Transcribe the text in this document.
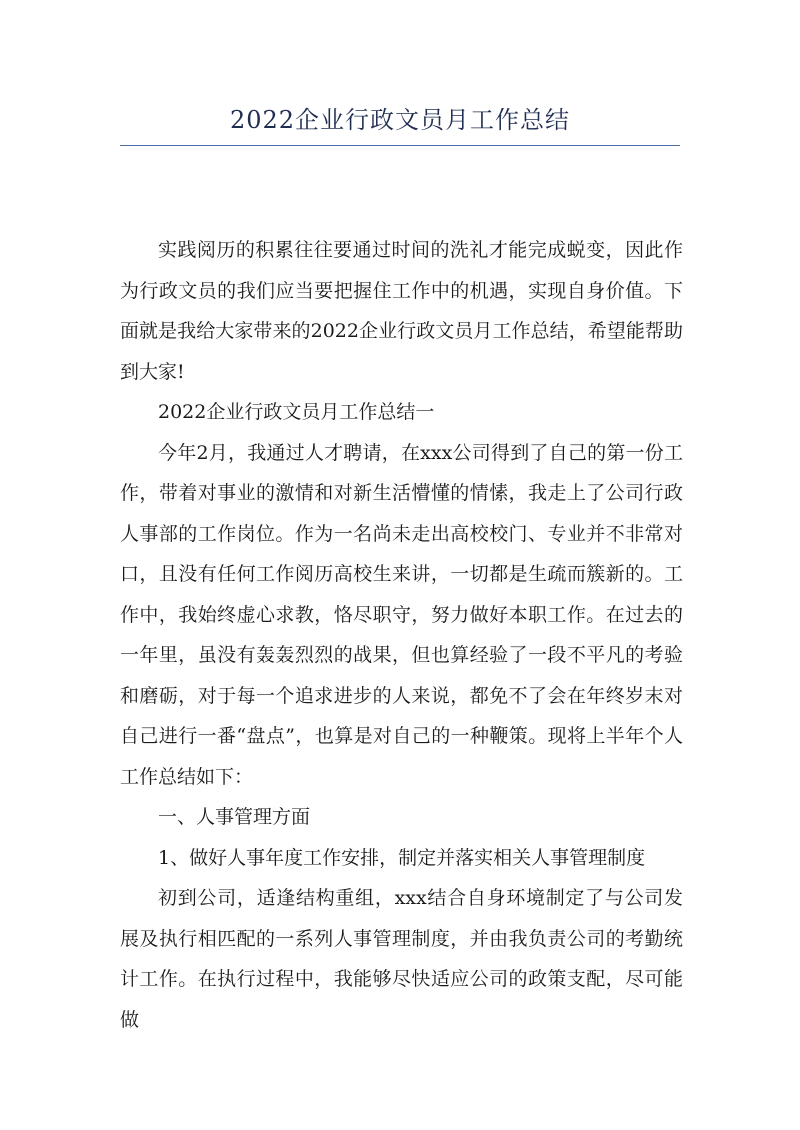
2022企业行政文员月工作总结

实践阅历的积累往往要通过时间的洗礼才能完成蜕变，因此作为行政文员的我们应当要把握住工作中的机遇，实现自身价值。下面就是我给大家带来的2022企业行政文员月工作总结，希望能帮助到大家!

2022企业行政文员月工作总结一

今年2月，我通过人才聘请，在xxx公司得到了自己的第一份工作，带着对事业的激情和对新生活懵懂的情愫，我走上了公司行政人事部的工作岗位。作为一名尚未走出高校校门、专业并不非常对口，且没有任何工作阅历高校生来讲，一切都是生疏而簇新的。工作中，我始终虚心求教，恪尽职守，努力做好本职工作。在过去的一年里，虽没有轰轰烈烈的战果，但也算经验了一段不平凡的考验和磨砺，对于每一个追求进步的人来说，都免不了会在年终岁末对自己进行一番“盘点”，也算是对自己的一种鞭策。现将上半年个人工作总结如下：

一、人事管理方面

1、做好人事年度工作安排，制定并落实相关人事管理制度

初到公司，适逢结构重组，xxx结合自身环境制定了与公司发展及执行相匹配的一系列人事管理制度，并由我负责公司的考勤统计工作。在执行过程中，我能够尽快适应公司的政策支配，尽可能做
